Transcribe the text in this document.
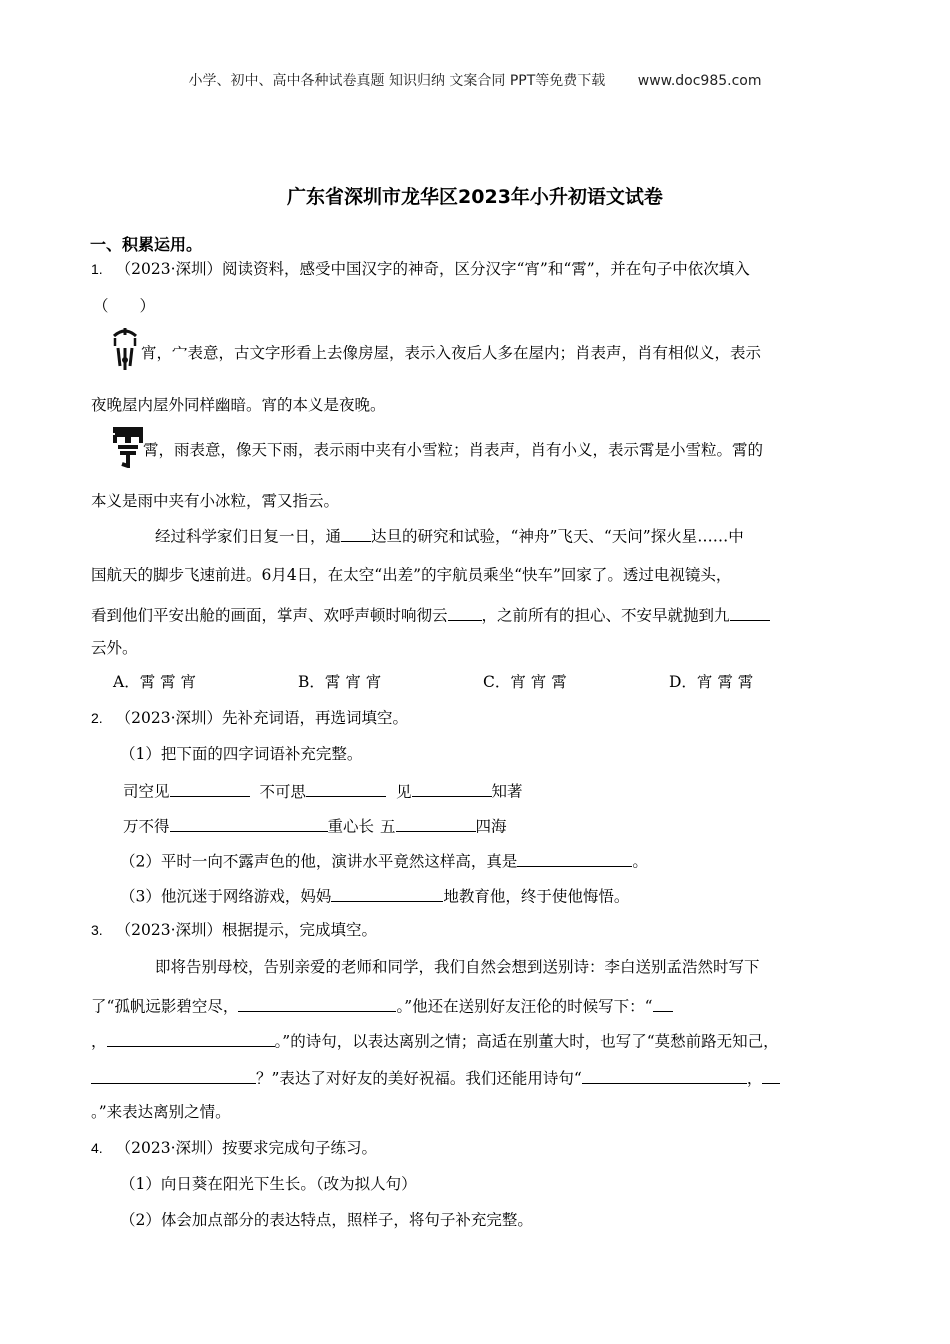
小学、初中、高中各种试卷真题 知识归纳 文案合同 PPT等免费下载 www.doc985.com
广东省深圳市龙华区2023年小升初语文试卷
一、积累运用。
1. （2023·深圳）阅读资料，感受中国汉字的神奇，区分汉字“宵”和“霄”，并在句子中依次填入
（　　）
宵，宀表意，古文字形看上去像房屋，表示入夜后人多在屋内；肖表声，肖有相似义，表示
夜晚屋内屋外同样幽暗。宵的本义是夜晚。
霄，雨表意，像天下雨，表示雨中夹有小雪粒；肖表声，肖有小义，表示霄是小雪粒。霄的
本义是雨中夹有小冰粒，霄又指云。
经过科学家们日复一日，通 达旦的研究和试验，“神舟”飞天、“天问”探火星……中
国航天的脚步飞速前进。6月4日，在太空“出差”的宇航员乘坐“快车”回家了。透过电视镜头，
看到他们平安出舱的画面，掌声、欢呼声顿时响彻云 ，之前所有的担心、不安早就抛到九
云外。
A．霄 霄 宵	B．霄 宵 宵	C．宵 宵 霄	D．宵 霄 霄
2. （2023·深圳）先补充词语，再选词填空。
（1）把下面的四字词语补充完整。
司空见	不可思	见	知著
万不得	重心长 五	四海
（2）平时一向不露声色的他，演讲水平竟然这样高，真是	。
（3）他沉迷于网络游戏，妈妈	地教育他，终于使他悔悟。
3. （2023·深圳）根据提示，完成填空。
即将告别母校，告别亲爱的老师和同学，我们自然会想到送别诗：李白送别孟浩然时写下
了“孤帆远影碧空尽，	。”他还在送别好友汪伦的时候写下：“
，	。”的诗句，以表达离别之情；高适在别董大时，也写了“莫愁前路无知己，
？”表达了对好友的美好祝福。我们还能用诗句“	，
。”来表达离别之情。
4. （2023·深圳）按要求完成句子练习。
（1）向日葵在阳光下生长。（改为拟人句）
（2）体会加点部分的表达特点，照样子，将句子补充完整。
